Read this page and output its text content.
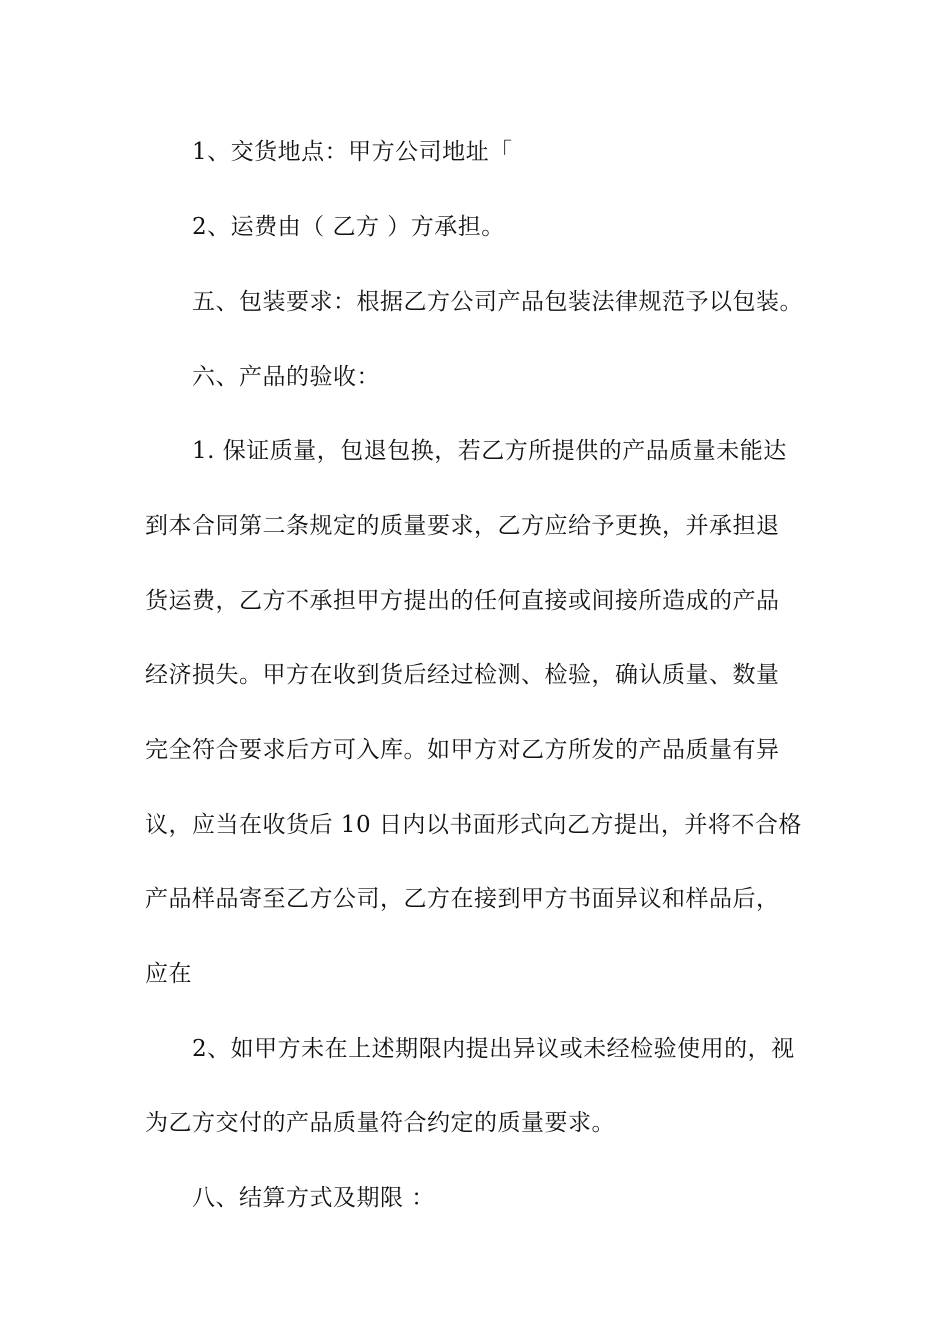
1、交货地点：甲方公司地址「
2、运费由（ 乙方 ）方承担。
五、包装要求：根据乙方公司产品包装法律规范予以包装。
六、产品的验收：
1. 保证质量，包退包换，若乙方所提供的产品质量未能达
到本合同第二条规定的质量要求，乙方应给予更换，并承担退
货运费，乙方不承担甲方提出的任何直接或间接所造成的产品
经济损失。甲方在收到货后经过检测、检验，确认质量、数量
完全符合要求后方可入库。如甲方对乙方所发的产品质量有异
议，应当在收货后 10 日内以书面形式向乙方提出，并将不合格
产品样品寄至乙方公司，乙方在接到甲方书面异议和样品后，
应在
2、如甲方未在上述期限内提出异议或未经检验使用的，视
为乙方交付的产品质量符合约定的质量要求。
八、结算方式及期限 ：
